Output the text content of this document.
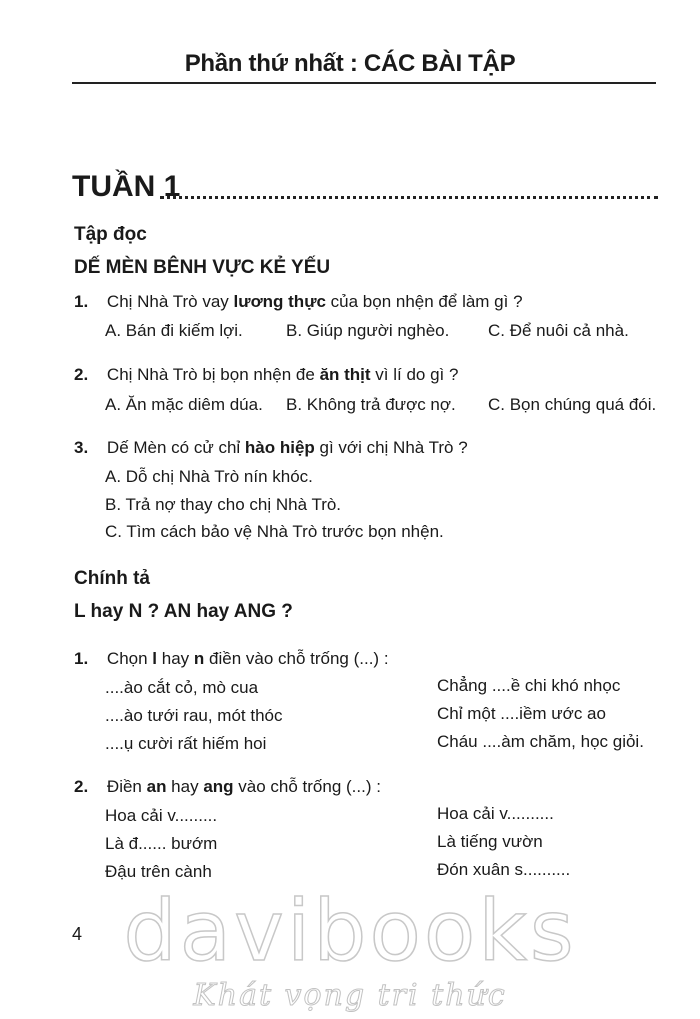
Phần thứ nhất : CÁC BÀI TẬP
TUẦN 1
Tập đọc
DẾ MÈN BÊNH VỰC KẺ YẾU
1. Chị Nhà Trò vay lương thực của bọn nhện để làm gì ?
A. Bán đi kiếm lợi.	B. Giúp người nghèo. C. Để nuôi cả nhà.
2. Chị Nhà Trò bị bọn nhện đe ăn thịt vì lí do gì ?
A. Ăn mặc diêm dúa. B. Không trả được nợ. C. Bọn chúng quá đói.
3. Dế Mèn có cử chỉ hào hiệp gì với chị Nhà Trò ?
A. Dỗ chị Nhà Trò nín khóc.
B. Trả nợ thay cho chị Nhà Trò.
C. Tìm cách bảo vệ Nhà Trò trước bọn nhện.
Chính tả
L hay N ? AN hay ANG ?
1. Chọn l hay n điền vào chỗ trống (...) :
....ào cắt cỏ, mò cua
....ào tưới rau, mót thóc
....ụ cười rất hiếm hoi
Chẳng ....ề chi khó nhọc
Chỉ một ....iềm ước ao
Cháu ....àm chăm, học giỏi.
2. Điền an hay ang vào chỗ trống (...) :
Hoa cải v.........
Là đ...... bướm
Đậu trên cành
Hoa cải v..........
Là tiếng vườn
Đón xuân s..........
4 davibooks
Khát vọng tri thức
